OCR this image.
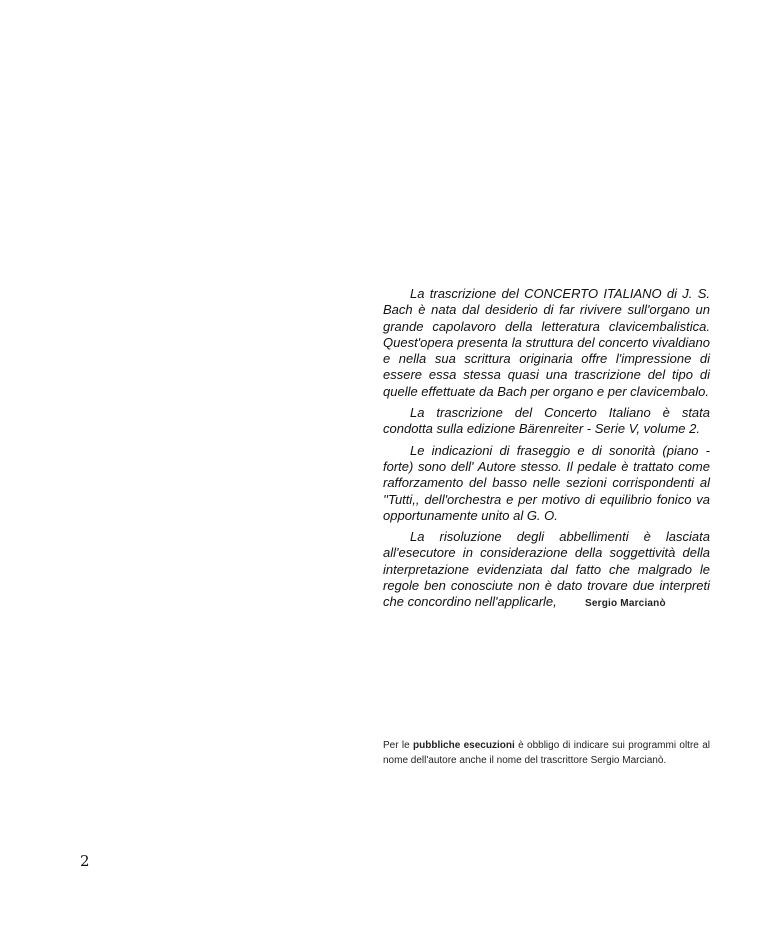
La trascrizione del CONCERTO ITALIANO di J. S. Bach è nata dal desiderio di far rivivere sull'organo un grande capolavoro della letteratura clavicembalistica. Quest'opera presenta la struttura del concerto vivaldiano e nella sua scrittura originaria offre l'impressione di essere essa stessa quasi una trascrizione del tipo di quelle effettuate da Bach per organo e per clavicembalo.

La trascrizione del Concerto Italiano è stata condotta sulla edizione Bärenreiter - Serie V, volume 2.

Le indicazioni di fraseggio e di sonorità (piano - forte) sono dell' Autore stesso. Il pedale è trattato come rafforzamento del basso nelle sezioni corrispondenti al ''Tutti,, dell'orchestra e per motivo di equilibrio fonico va opportunamente unito al G. O.

La risoluzione degli abbellimenti è lasciata all'esecutore in considerazione della soggettività della interpretazione evidenziata dal fatto che malgrado le regole ben conosciute non è dato trovare due interpreti che concordino nell'applicarle,	Sergio Marcianò
Per le pubbliche esecuzioni è obbligo di indicare sui programmi oltre al nome dell'autore anche il nome del trascrittore Sergio Marcianò.
2
